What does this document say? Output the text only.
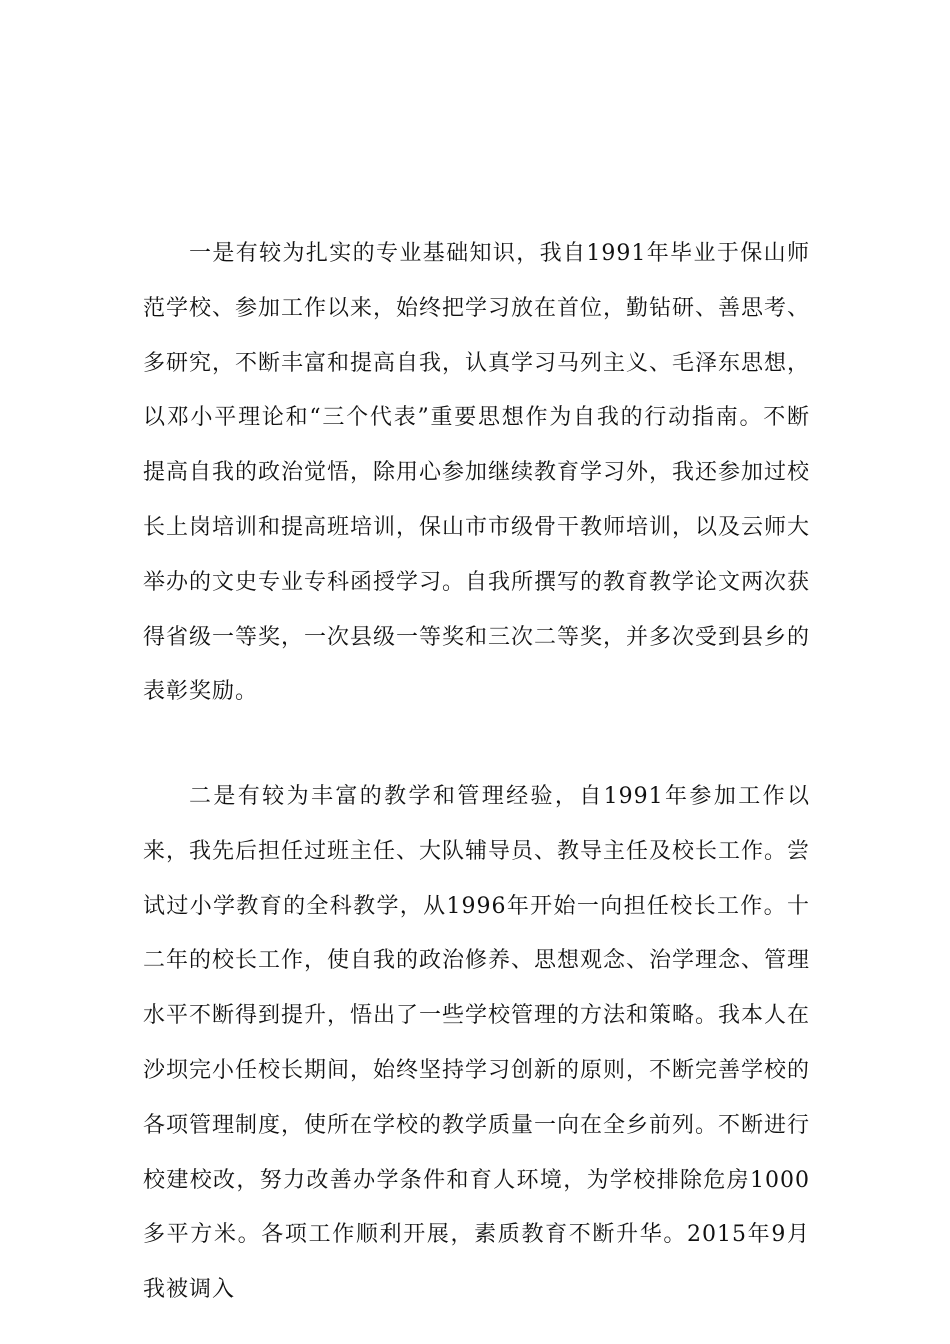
一是有较为扎实的专业基础知识，我自1991年毕业于保山师范学校、参加工作以来，始终把学习放在首位，勤钻研、善思考、多研究，不断丰富和提高自我，认真学习马列主义、毛泽东思想，以邓小平理论和“三个代表”重要思想作为自我的行动指南。不断提高自我的政治觉悟，除用心参加继续教育学习外，我还参加过校长上岗培训和提高班培训，保山市市级骨干教师培训，以及云师大举办的文史专业专科函授学习。自我所撰写的教育教学论文两次获得省级一等奖，一次县级一等奖和三次二等奖，并多次受到县乡的表彰奖励。

二是有较为丰富的教学和管理经验，自1991年参加工作以来，我先后担任过班主任、大队辅导员、教导主任及校长工作。尝试过小学教育的全科教学，从1996年开始一向担任校长工作。十二年的校长工作，使自我的政治修养、思想观念、治学理念、管理水平不断得到提升，悟出了一些学校管理的方法和策略。我本人在沙坝完小任校长期间，始终坚持学习创新的原则，不断完善学校的各项管理制度，使所在学校的教学质量一向在全乡前列。不断进行校建校改，努力改善办学条件和育人环境，为学校排除危房1000多平方米。各项工作顺利开展，素质教育不断升华。2015年9月我被调入
